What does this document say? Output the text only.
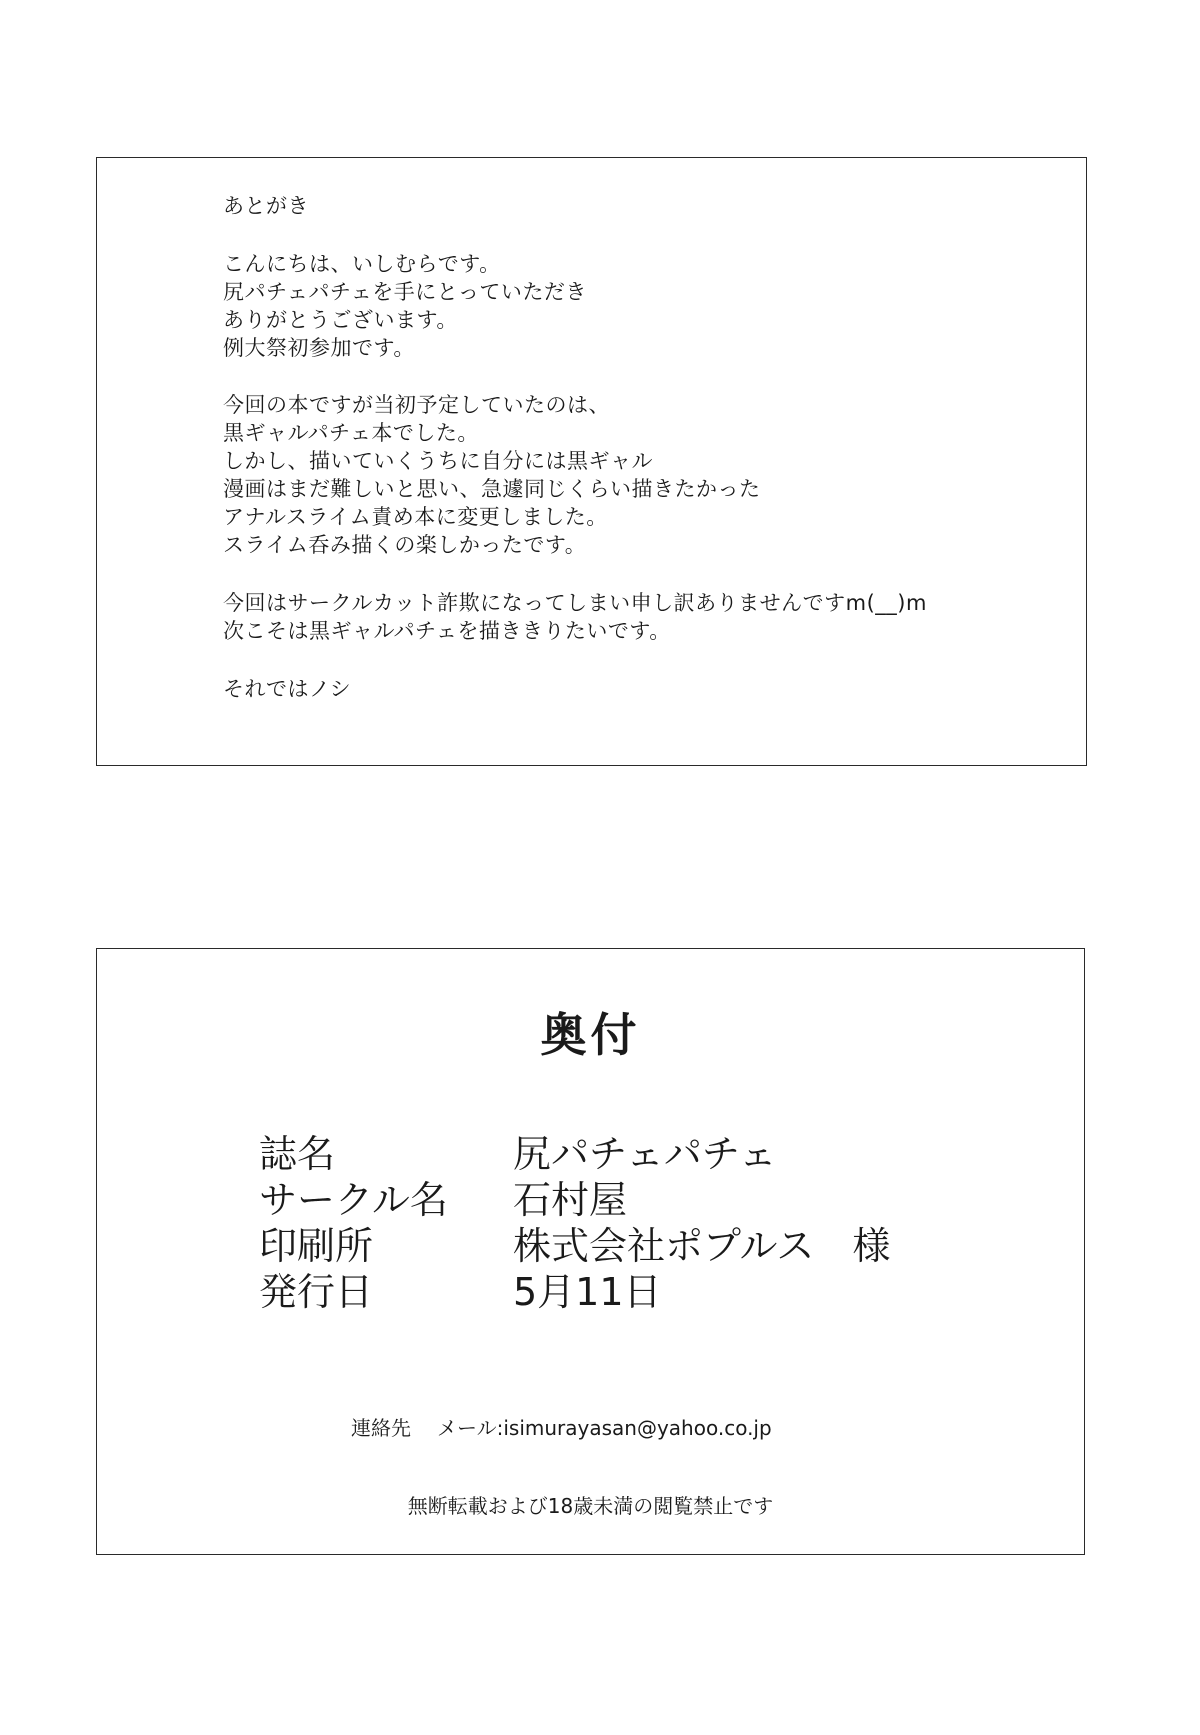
あとがき
こんにちは、いしむらです。
尻パチェパチェを手にとっていただき
ありがとうございます。
例大祭初参加です。
今回の本ですが当初予定していたのは、
黒ギャルパチェ本でした。
しかし、描いていくうちに自分には黒ギャル
漫画はまだ難しいと思い、急遽同じくらい描きたかった
アナルスライム責め本に変更しました。
スライム呑み描くの楽しかったです。
今回はサークルカット詐欺になってしまい申し訳ありませんですm(__)m
次こそは黒ギャルパチェを描ききりたいです。
それではノシ
奥付
誌名	尻パチェパチェ
サークル名 石村屋
印刷所	株式会社ポプルス　様
発行日	5月11日
連絡先 メール:isimurayasan@yahoo.co.jp
無断転載および18歳未満の閲覧禁止です
